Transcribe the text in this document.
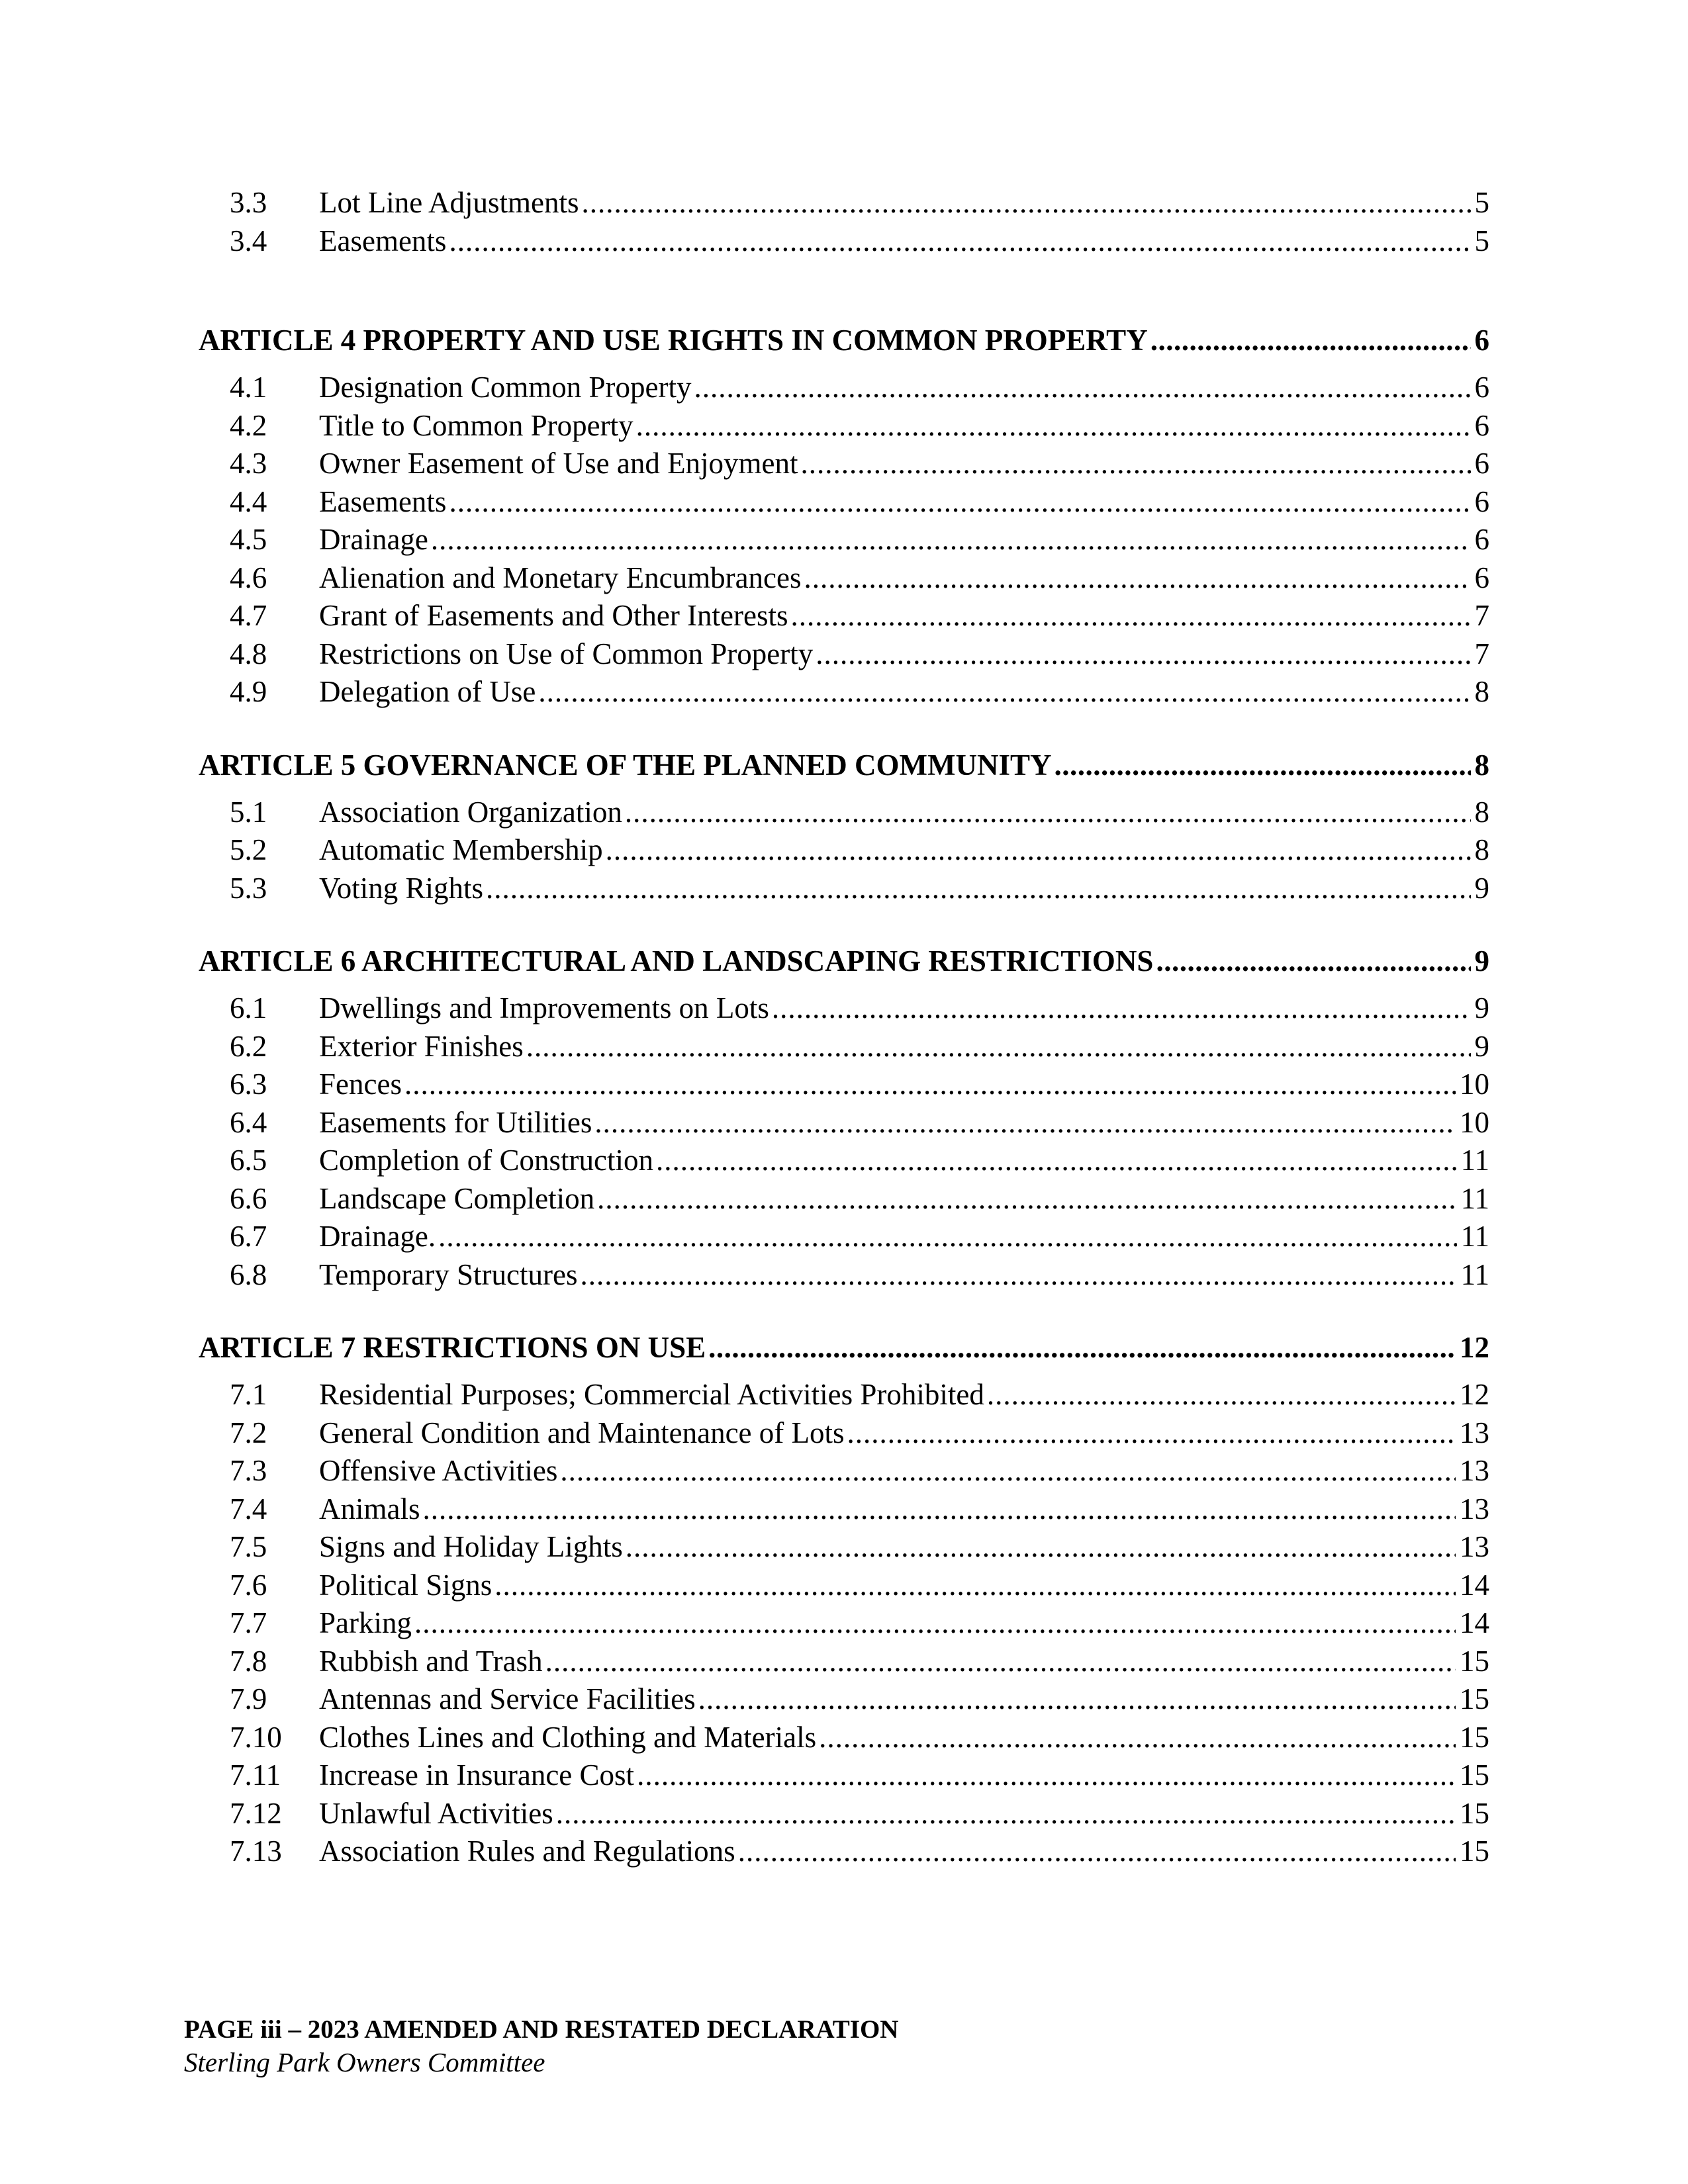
3.3	Lot Line Adjustments .....	5
3.4	Easements .....	5
ARTICLE 4 PROPERTY AND USE RIGHTS IN COMMON PROPERTY .....	6
4.1	Designation Common Property .....	6
4.2	Title to Common Property .....	6
4.3	Owner Easement of Use and Enjoyment .....	6
4.4	Easements .....	6
4.5	Drainage .....	6
4.6	Alienation and Monetary Encumbrances .....	6
4.7	Grant of Easements and Other Interests .....	7
4.8	Restrictions on Use of Common Property .....	7
4.9	Delegation of Use .....	8
ARTICLE 5 GOVERNANCE OF THE PLANNED COMMUNITY .....	8
5.1	Association Organization .....	8
5.2	Automatic Membership .....	8
5.3	Voting Rights .....	9
ARTICLE 6 ARCHITECTURAL AND LANDSCAPING RESTRICTIONS .....	9
6.1	Dwellings and Improvements on Lots .....	9
6.2	Exterior Finishes .....	9
6.3	Fences .....	10
6.4	Easements for Utilities .....	10
6.5	Completion of Construction .....	11
6.6	Landscape Completion .....	11
6.7	Drainage. .....	11
6.8	Temporary Structures .....	11
ARTICLE 7 RESTRICTIONS ON USE .....	12
7.1	Residential Purposes; Commercial Activities Prohibited .....	12
7.2	General Condition and Maintenance of Lots .....	13
7.3	Offensive Activities .....	13
7.4	Animals .....	13
7.5	Signs and Holiday Lights .....	13
7.6	Political Signs .....	14
7.7	Parking .....	14
7.8	Rubbish and Trash .....	15
7.9	Antennas and Service Facilities .....	15
7.10	Clothes Lines and Clothing and Materials .....	15
7.11	Increase in Insurance Cost .....	15
7.12	Unlawful Activities .....	15
7.13	Association Rules and Regulations .....	15
PAGE iii – 2023 AMENDED AND RESTATED DECLARATION
Sterling Park Owners Committee
